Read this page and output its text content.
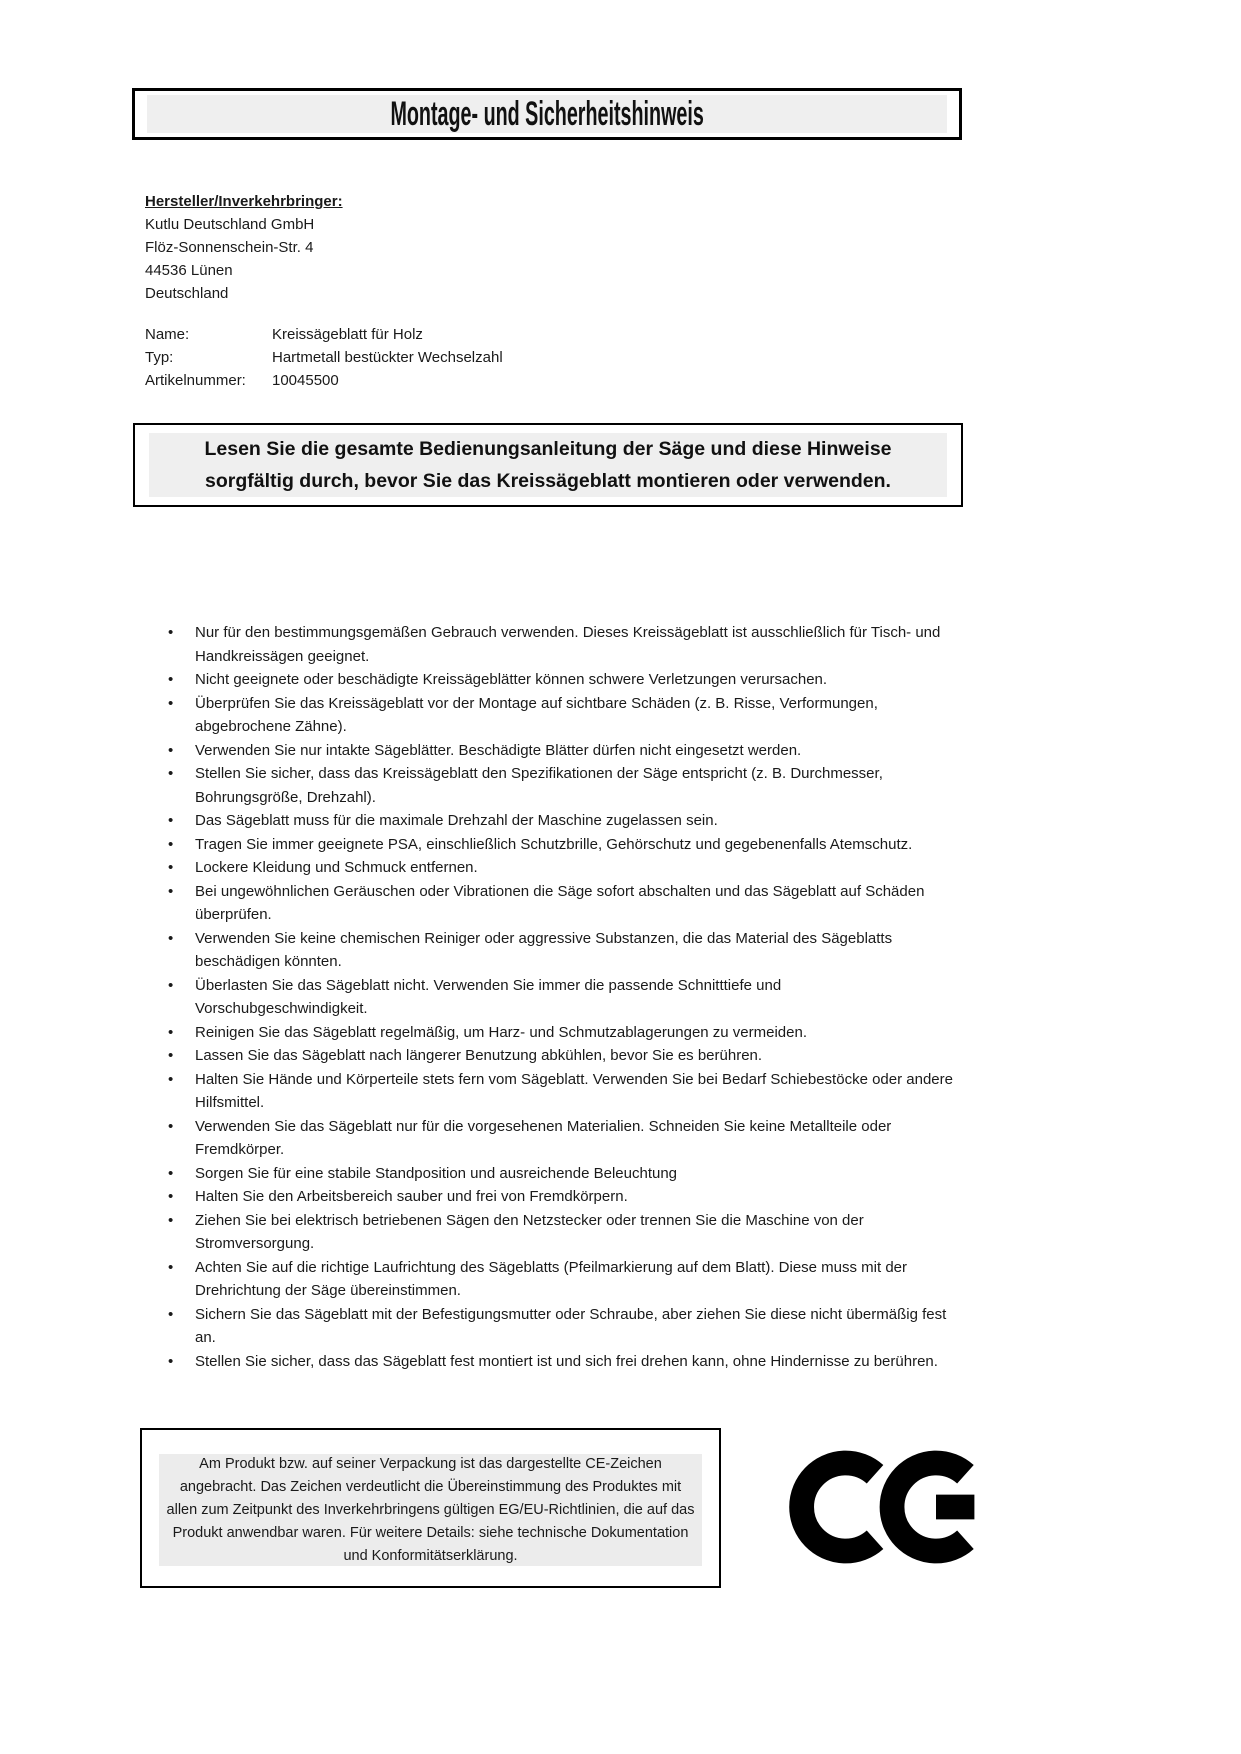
Montage- und Sicherheitshinweis
Hersteller/Inverkehrbringer:
Kutlu Deutschland GmbH
Flöz-Sonnenschein-Str. 4
44536 Lünen
Deutschland
Name:	Kreissägeblatt für Holz
Typ:	Hartmetall bestückter Wechselzahl
Artikelnummer:	10045500
Lesen Sie die gesamte Bedienungsanleitung der Säge und diese Hinweise sorgfältig durch, bevor Sie das Kreissägeblatt montieren oder verwenden.
• Nur für den bestimmungsgemäßen Gebrauch verwenden. Dieses Kreissägeblatt ist ausschließlich für Tisch- und Handkreissägen geeignet.
• Nicht geeignete oder beschädigte Kreissägeblätter können schwere Verletzungen verursachen.
• Überprüfen Sie das Kreissägeblatt vor der Montage auf sichtbare Schäden (z. B. Risse, Verformungen, abgebrochene Zähne).
• Verwenden Sie nur intakte Sägeblätter. Beschädigte Blätter dürfen nicht eingesetzt werden.
• Stellen Sie sicher, dass das Kreissägeblatt den Spezifikationen der Säge entspricht (z. B. Durchmesser, Bohrungsgröße, Drehzahl).
• Das Sägeblatt muss für die maximale Drehzahl der Maschine zugelassen sein.
• Tragen Sie immer geeignete PSA, einschließlich Schutzbrille, Gehörschutz und gegebenenfalls Atemschutz.
• Lockere Kleidung und Schmuck entfernen.
• Bei ungewöhnlichen Geräuschen oder Vibrationen die Säge sofort abschalten und das Sägeblatt auf Schäden überprüfen.
• Verwenden Sie keine chemischen Reiniger oder aggressive Substanzen, die das Material des Sägeblatts beschädigen könnten.
• Überlasten Sie das Sägeblatt nicht. Verwenden Sie immer die passende Schnitttiefe und Vorschubgeschwindigkeit.
• Reinigen Sie das Sägeblatt regelmäßig, um Harz- und Schmutzablagerungen zu vermeiden.
• Lassen Sie das Sägeblatt nach längerer Benutzung abkühlen, bevor Sie es berühren.
• Halten Sie Hände und Körperteile stets fern vom Sägeblatt. Verwenden Sie bei Bedarf Schiebestöcke oder andere Hilfsmittel.
• Verwenden Sie das Sägeblatt nur für die vorgesehenen Materialien. Schneiden Sie keine Metallteile oder Fremdkörper.
• Sorgen Sie für eine stabile Standposition und ausreichende Beleuchtung
• Halten Sie den Arbeitsbereich sauber und frei von Fremdkörpern.
• Ziehen Sie bei elektrisch betriebenen Sägen den Netzstecker oder trennen Sie die Maschine von der Stromversorgung.
• Achten Sie auf die richtige Laufrichtung des Sägeblatts (Pfeilmarkierung auf dem Blatt). Diese muss mit der Drehrichtung der Säge übereinstimmen.
• Sichern Sie das Sägeblatt mit der Befestigungsmutter oder Schraube, aber ziehen Sie diese nicht übermäßig fest an.
• Stellen Sie sicher, dass das Sägeblatt fest montiert ist und sich frei drehen kann, ohne Hindernisse zu berühren.
Am Produkt bzw. auf seiner Verpackung ist das dargestellte CE-Zeichen angebracht. Das Zeichen verdeutlicht die Übereinstimmung des Produktes mit allen zum Zeitpunkt des Inverkehrbringens gültigen EG/EU-Richtlinien, die auf das Produkt anwendbar waren. Für weitere Details: siehe technische Dokumentation und Konformitätserklärung.
